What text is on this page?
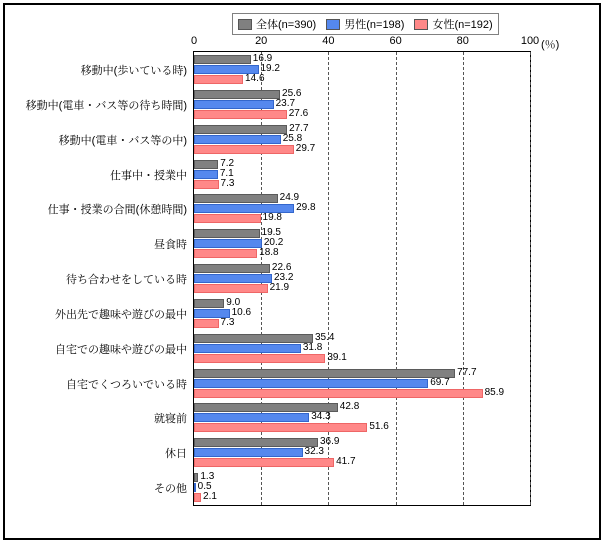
全体(n=390)	男性(n=198)	女性(n=192)
0	20	40	60	80	100 (％)
16.9
19.2
14.6
25.6
23.7
27.6
27.7
25.8
29.7
7.2
7.1
7.3
24.9
29.8
19.8
19.5
20.2
18.8
22.6
23.2
21.9
9.0
10.6
7.3
35.4
31.8
39.1
77.7
69.7
85.9
42.8
34.3
51.6
36.9
32.3
41.7
1.3
0.5
2.1
移動中(歩いている時)
移動中(電車・バス等の待ち時間)
移動中(電車・バス等の中)
仕事中・授業中
仕事・授業の合間(休憩時間)
昼食時
待ち合わせをしている時
外出先で趣味や遊びの最中
自宅での趣味や遊びの最中
自宅でくつろいでいる時
就寝前
休日
その他
